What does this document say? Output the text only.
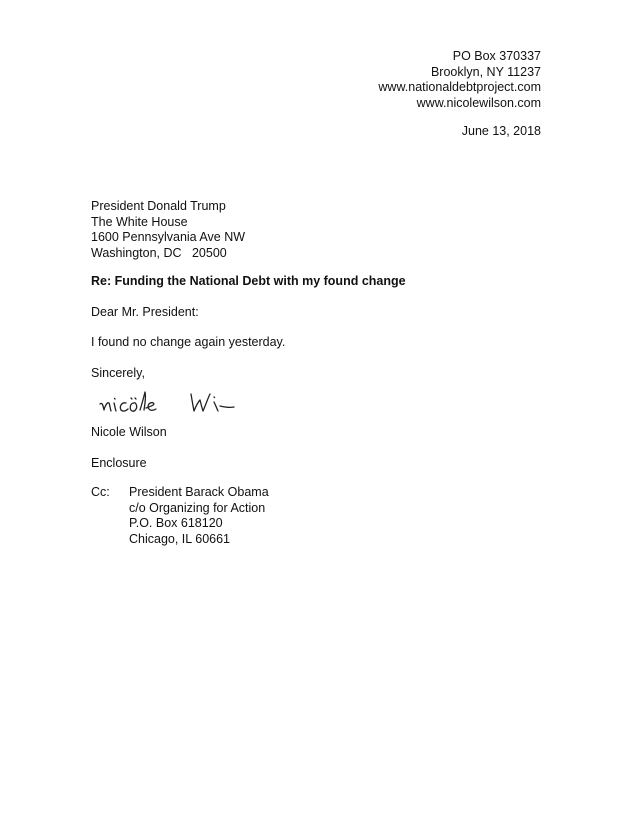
PO Box 370337
Brooklyn, NY 11237
www.nationaldebtproject.com
www.nicolewilson.com
June 13, 2018
President Donald Trump
The White House
1600 Pennsylvania Ave NW
Washington, DC   20500
Re: Funding the National Debt with my found change
Dear Mr. President:
I found no change again yesterday.
Sincerely,
Nicole Wilson
Enclosure
Cc: President Barack Obama
c/o Organizing for Action
P.O. Box 618120
Chicago, IL 60661
